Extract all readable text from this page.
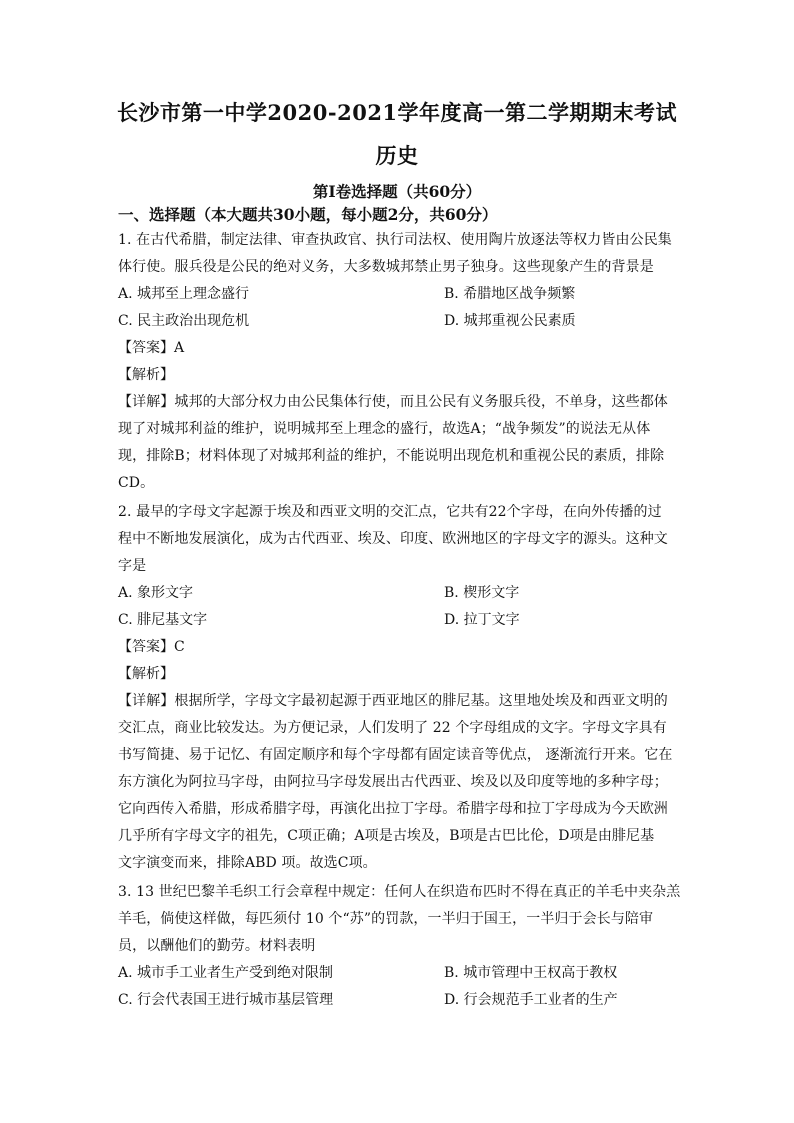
长沙市第一中学2020-2021学年度高一第二学期期末考试
历史
第I卷选择题（共60分）
一、选择题（本大题共30小题，每小题2分，共60分）
1. 在古代希腊，制定法律、审查执政官、执行司法权、使用陶片放逐法等权力皆由公民集
体行使。服兵役是公民的绝对义务，大多数城邦禁止男子独身。这些现象产生的背景是
A. 城邦至上理念盛行	B. 希腊地区战争频繁
C. 民主政治出现危机	D. 城邦重视公民素质
【答案】A
【解析】
【详解】城邦的大部分权力由公民集体行使，而且公民有义务服兵役，不单身，这些都体
现了对城邦利益的维护，说明城邦至上理念的盛行，故选A；“战争频发”的说法无从体
现，排除B；材料体现了对城邦利益的维护，不能说明出现危机和重视公民的素质，排除
CD。
2. 最早的字母文字起源于埃及和西亚文明的交汇点，它共有22个字母，在向外传播的过
程中不断地发展演化，成为古代西亚、埃及、印度、欧洲地区的字母文字的源头。这种文
字是
A. 象形文字	B. 楔形文字
C. 腓尼基文字	D. 拉丁文字
【答案】C
【解析】
【详解】根据所学，字母文字最初起源于西亚地区的腓尼基。这里地处埃及和西亚文明的
交汇点，商业比较发达。为方便记录，人们发明了 22 个字母组成的文字。字母文字具有
书写简捷、易于记忆、有固定顺序和每个字母都有固定读音等优点， 逐渐流行开来。它在
东方演化为阿拉马字母，由阿拉马字母发展出古代西亚、埃及以及印度等地的多种字母；
它向西传入希腊，形成希腊字母，再演化出拉丁字母。希腊字母和拉丁字母成为今天欧洲
几乎所有字母文字的祖先，C项正确；A项是古埃及，B项是古巴比伦，D项是由腓尼基
文字演变而来，排除ABD 项。故选C项。
3. 13 世纪巴黎羊毛织工行会章程中规定：任何人在织造布匹时不得在真正的羊毛中夹杂羔
羊毛，倘使这样做，每匹须付 10 个“苏”的罚款，一半归于国王，一半归于会长与陪审
员，以酬他们的勤劳。材料表明
A. 城市手工业者生产受到绝对限制	B. 城市管理中王权高于教权
C. 行会代表国王进行城市基层管理	D. 行会规范手工业者的生产
